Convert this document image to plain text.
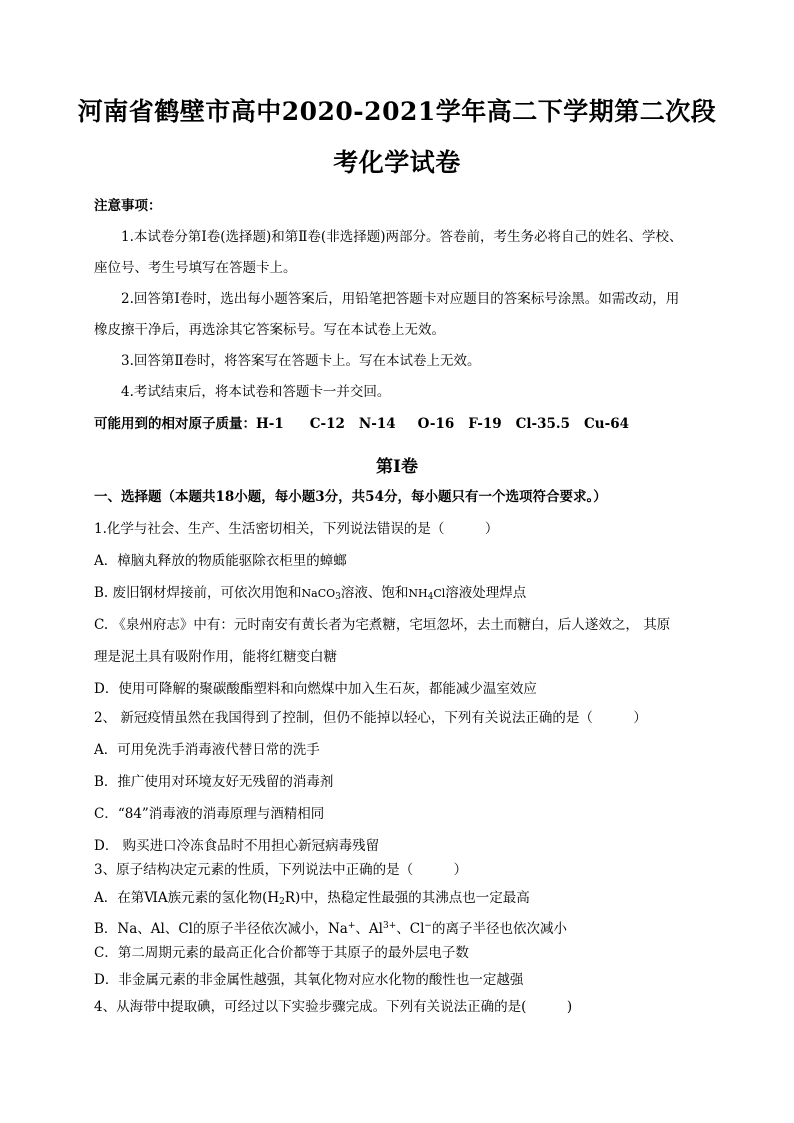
河南省鹤壁市高中2020-2021学年高二下学期第二次段
考化学试卷
注意事项：
1.本试卷分第Ⅰ卷(选择题)和第Ⅱ卷(非选择题)两部分。答卷前，考生务必将自己的姓名、学校、
座位号、考生号填写在答题卡上。
2.回答第Ⅰ卷时，选出每小题答案后，用铅笔把答题卡对应题目的答案标号涂黑。如需改动，用
橡皮擦干净后，再选涂其它答案标号。写在本试卷上无效。
3.回答第Ⅱ卷时，将答案写在答题卡上。写在本试卷上无效。
4.考试结束后，将本试卷和答题卡一并交回。
可能用到的相对原子质量：H-1 C-12 N-14 O-16 F-19 Cl-35.5 Cu-64
第Ⅰ卷
一、选择题（本题共18小题，每小题3分，共54分，每小题只有一个选项符合要求。）
1.化学与社会、生产、生活密切相关，下列说法错误的是（　　　）
A．樟脑丸释放的物质能驱除衣柜里的蟑螂
B. 废旧钢材焊接前，可依次用饱和NaCO$_3$溶液、饱和$NH_4Cl$溶液处理焊点
C. 《泉州府志》中有：元时南安有黄长者为宅煮糖，宅垣忽坏，去土而糖白，后人遂效之， 其原
理是泥土具有吸附作用，能将红糖变白糖
D．使用可降解的聚碳酸酯塑料和向燃煤中加入生石灰，都能减少温室效应
2、 新冠疫情虽然在我国得到了控制，但仍不能掉以轻心，下列有关说法正确的是（　　　）
A．可用免洗手消毒液代替日常的洗手
B．推广使用对环境友好无残留的消毒剂
C．“84”消毒液的消毒原理与酒精相同
D． 购买进口冷冻食品时不用担心新冠病毒残留
3、原子结构决定元素的性质，下列说法中正确的是（　　　）
A．在第ⅥA族元素的氢化物$(H_2R)$中，热稳定性最强的其沸点也一定最高
B．Na、Al、Cl的原子半径依次减小，Na+、$Al^{3+}$、Cl−的离子半径也依次减小
C．第二周期元素的最高正化合价都等于其原子的最外层电子数
D．非金属元素的非金属性越强，其氧化物对应水化物的酸性也一定越强
4、从海带中提取碘，可经过以下实验步骤完成。下列有关说法正确的是(　　　)
